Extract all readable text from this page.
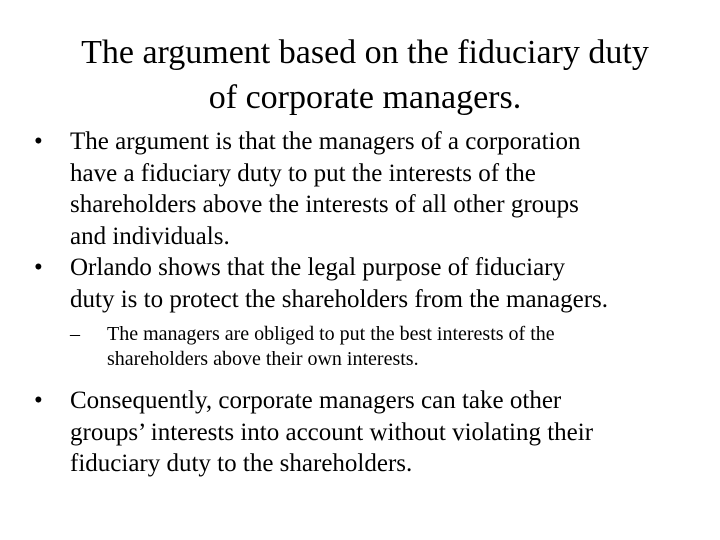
The argument based on the fiduciary duty
of corporate managers.
•	The argument is that the managers of a corporation
have a fiduciary duty to put the interests of the
shareholders above the interests of all other groups
and individuals.
•	Orlando shows that the legal purpose of fiduciary
duty is to protect the shareholders from the managers.
– The managers are obliged to put the best interests of the
shareholders above their own interests.
•	Consequently, corporate managers can take other
groups’ interests into account without violating their
fiduciary duty to the shareholders.
